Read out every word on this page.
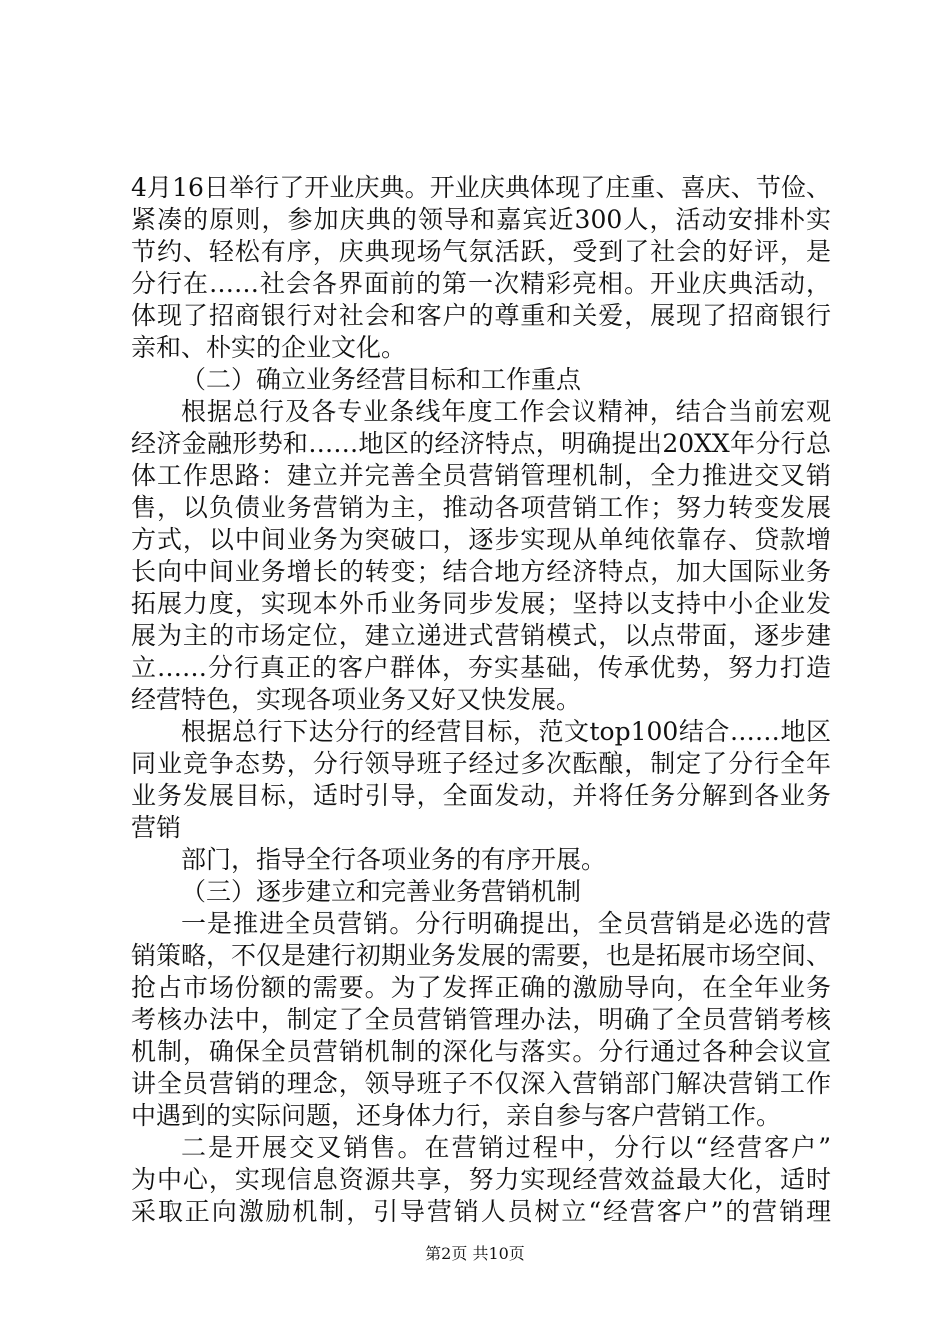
4月16日举行了开业庆典。开业庆典体现了庄重、喜庆、节俭、
紧凑的原则，参加庆典的领导和嘉宾近300人，活动安排朴实
节约、轻松有序，庆典现场气氛活跃，受到了社会的好评，是
分行在……社会各界面前的第一次精彩亮相。开业庆典活动，
体现了招商银行对社会和客户的尊重和关爱，展现了招商银行
亲和、朴实的企业文化。
（二）确立业务经营目标和工作重点
根据总行及各专业条线年度工作会议精神，结合当前宏观
经济金融形势和……地区的经济特点，明确提出20XX年分行总
体工作思路：建立并完善全员营销管理机制，全力推进交叉销
售，以负债业务营销为主，推动各项营销工作；努力转变发展
方式，以中间业务为突破口，逐步实现从单纯依靠存、贷款增
长向中间业务增长的转变；结合地方经济特点，加大国际业务
拓展力度，实现本外币业务同步发展；坚持以支持中小企业发
展为主的市场定位，建立递进式营销模式，以点带面，逐步建
立……分行真正的客户群体，夯实基础，传承优势，努力打造
经营特色，实现各项业务又好又快发展。
根据总行下达分行的经营目标，范文top100结合……地区
同业竞争态势，分行领导班子经过多次酝酿，制定了分行全年
业务发展目标，适时引导，全面发动，并将任务分解到各业务
营销
部门，指导全行各项业务的有序开展。
（三）逐步建立和完善业务营销机制
一是推进全员营销。分行明确提出，全员营销是必选的营
销策略，不仅是建行初期业务发展的需要，也是拓展市场空间、
抢占市场份额的需要。为了发挥正确的激励导向，在全年业务
考核办法中，制定了全员营销管理办法，明确了全员营销考核
机制，确保全员营销机制的深化与落实。分行通过各种会议宣
讲全员营销的理念，领导班子不仅深入营销部门解决营销工作
中遇到的实际问题，还身体力行，亲自参与客户营销工作。
二是开展交叉销售。在营销过程中，分行以“经营客户”
为中心，实现信息资源共享，努力实现经营效益最大化，适时
采取正向激励机制，引导营销人员树立“经营客户”的营销理
第2页 共10页
